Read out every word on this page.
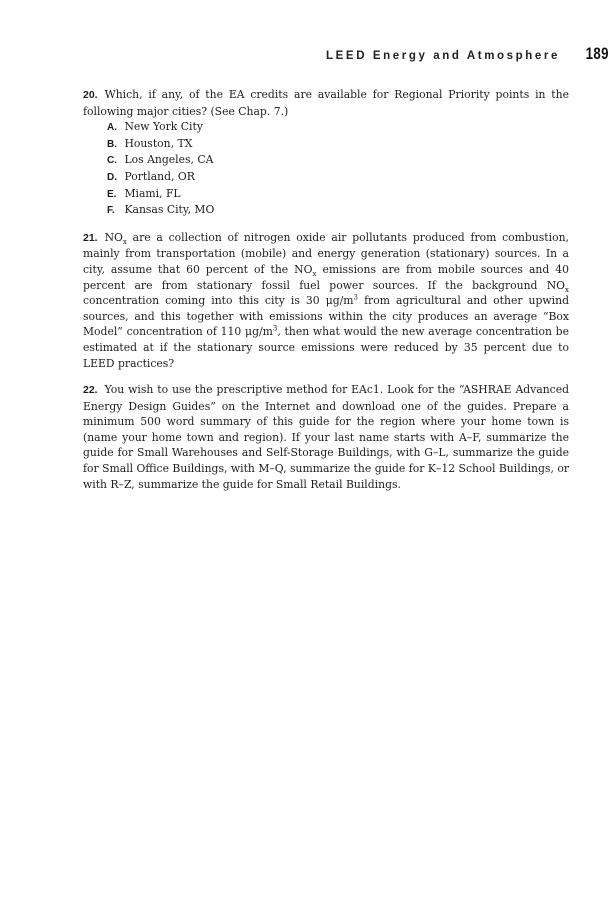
LEED Energy and Atmosphere 189

20. Which, if any, of the EA credits are available for Regional Priority points in the following major cities? (See Chap. 7.)

A. New York City
B. Houston, TX
C. Los Angeles, CA
D. Portland, OR
E. Miami, FL
F. Kansas City, MO

21. $NO_x$ are a collection of nitrogen oxide air pollutants produced from combustion, mainly from transportation (mobile) and energy generation (stationary) sources. In a city, assume that 60 percent of the $NO_x$ emissions are from mobile sources and 40 percent are from stationary fossil fuel power sources. If the background $NO_x$ concentration coming into this city is 30 $\mu g/m^3$ from agricultural and other upwind sources, and this together with emissions within the city produces an average “Box Model” concentration of 110 $\mu g/m^3$, then what would the new average concentration be estimated at if the stationary source emissions were reduced by 35 percent due to LEED practices?

22. You wish to use the prescriptive method for EAc1. Look for the “ASHRAE Advanced Energy Design Guides” on the Internet and download one of the guides. Prepare a minimum 500 word summary of this guide for the region where your home town is (name your home town and region). If your last name starts with A–F, summarize the guide for Small Warehouses and Self-Storage Buildings, with G–L, summarize the guide for Small Office Buildings, with M–Q, summarize the guide for K–12 School Buildings, or with R–Z, summarize the guide for Small Retail Buildings.
